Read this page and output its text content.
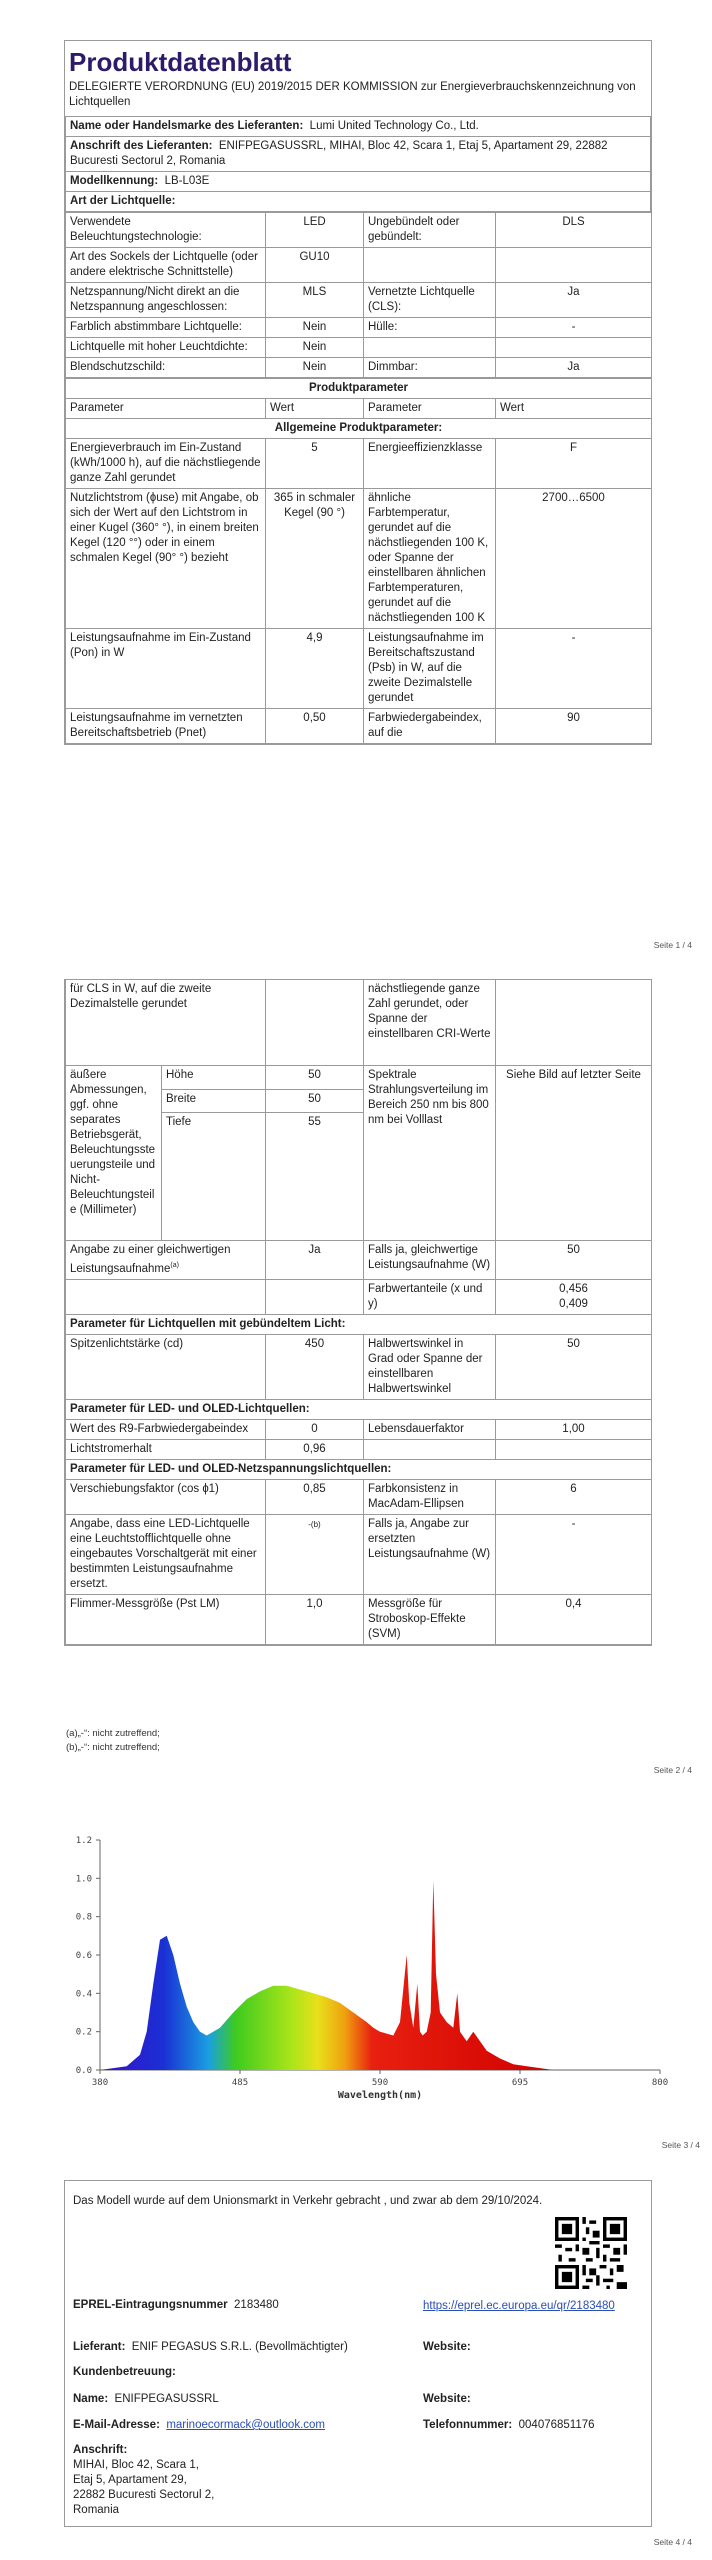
Produktdatenblatt
DELEGIERTE VERORDNUNG (EU) 2019/2015 DER KOMMISSION zur Energieverbrauchskennzeichnung von Lichtquellen
Name oder Handelsmarke des Lieferanten: Lumi United Technology Co., Ltd.
Anschrift des Lieferanten: ENIFPEGASUSSRL, MIHAI, Bloc 42, Scara 1, Etaj 5, Apartament 29, 22882 Bucuresti Sectorul 2, Romania
Modellkennung: LB-L03E
Art der Lichtquelle:
Verwendete Beleuchtungstechnologie:	LED	Ungebündelt oder gebündelt:	DLS
Art des Sockels der Lichtquelle (oder andere elektrische Schnittstelle)	GU10		
Netzspannung/Nicht direkt an die Netzspannung angeschlossen:	MLS	Vernetzte Lichtquelle (CLS):	Ja
Farblich abstimmbare Lichtquelle:	Nein	Hülle:	-
Lichtquelle mit hoher Leuchtdichte:	Nein		
Blendschutzschild:	Nein	Dimmbar:	Ja
Produktparameter			
Parameter	Wert	Parameter	Wert
Allgemeine Produktparameter:			
Energieverbrauch im Ein-Zustand (kWh/1000 h), auf die nächstliegende ganze Zahl gerundet	5	Energieeffizienzklasse	F
Nutzlichtstrom (ɸuse) mit Angabe, ob sich der Wert auf den Lichtstrom in einer Kugel (360° °), in einem breiten Kegel (120 °°) oder in einem schmalen Kegel (90° °) bezieht	365 in schmaler Kegel (90 °)	ähnliche Farbtemperatur, gerundet auf die nächstliegenden 100 K, oder Spanne der einstellbaren ähnlichen Farbtemperaturen, gerundet auf die nächstliegenden 100 K	2700…6500
Leistungsaufnahme im Ein-Zustand (Pon) in W	4,9	Leistungsaufnahme im Bereitschaftszustand (Psb) in W, auf die zweite Dezimalstelle gerundet	-
Leistungsaufnahme im vernetzten Bereitschaftsbetrieb (Pnet)	0,50	Farbwiedergabeindex, auf die	90
Seite 1 / 4
für CLS in W, auf die zweite Dezimalstelle gerundet			nächstliegende ganze Zahl gerundet, oder Spanne der einstellbaren CRI-Werte	
äußere Abmessungen, ggf. ohne separates Betriebsgerät, Beleuchtungssteuerungsteile und Nicht-Beleuchtungsteile (Millimeter)	Höhe	50	Spektrale Strahlungsverteilung im Bereich 250 nm bis 800 nm bei Volllast	Siehe Bild auf letzter Seite
	Breite	50		
	Tiefe	55		
Angabe zu einer gleichwertigen Leistungsaufnahme$^{(a)}$		Ja	Falls ja, gleichwertige Leistungsaufnahme (W)	50
			Farbwertanteile (x und y)	0,456
0,409
Parameter für Lichtquellen mit gebündeltem Licht:				
Spitzenlichtstärke (cd)		450	Halbwertswinkel in Grad oder Spanne der einstellbaren Halbwertswinkel	50
Parameter für LED- und OLED-Lichtquellen:				
Wert des R9-Farbwiedergabeindex		0	Lebensdauerfaktor	1,00
Lichtstromerhalt		0,96		
Parameter für LED- und OLED-Netzspannungslichtquellen:				
Verschiebungsfaktor (cos ɸ1)		0,85	Farbkonsistenz in MacAdam-Ellipsen	6
Angabe, dass eine LED-Lichtquelle eine Leuchtstofflichtquelle ohne eingebautes Vorschaltgerät mit einer bestimmten Leistungsaufnahme ersetzt.		-(b)	Falls ja, Angabe zur ersetzten Leistungsaufnahme (W)	-
Flimmer-Messgröße (Pst LM)		1,0	Messgröße für Stroboskop-Effekte (SVM)	0,4
(a)„-“: nicht zutreffend;
(b)„-“: nicht zutreffend;
Seite 2 / 4
0.0
0.2
0.4
0.6
0.8
1.0
1.2
380	485	590	695	800
Wavelength(nm)
Seite 3 / 4
Das Modell wurde auf dem Unionsmarkt in Verkehr gebracht , und zwar ab dem 29/10/2024.
EPREL-Eintragungsnummer 2183480	https://eprel.ec.europa.eu/qr/2183480
Lieferant: ENIF PEGASUS S.R.L. (Bevollmächtigter)	Website:
Kundenbetreuung:
Name: ENIFPEGASUSSRL	Website:
E-Mail-Adresse: marinoecormack@outlook.com	Telefonnummer: 004076851176
Anschrift:
MIHAI, Bloc 42, Scara 1,
Etaj 5, Apartament 29,
22882 Bucuresti Sectorul 2,
Romania
Seite 4 / 4
